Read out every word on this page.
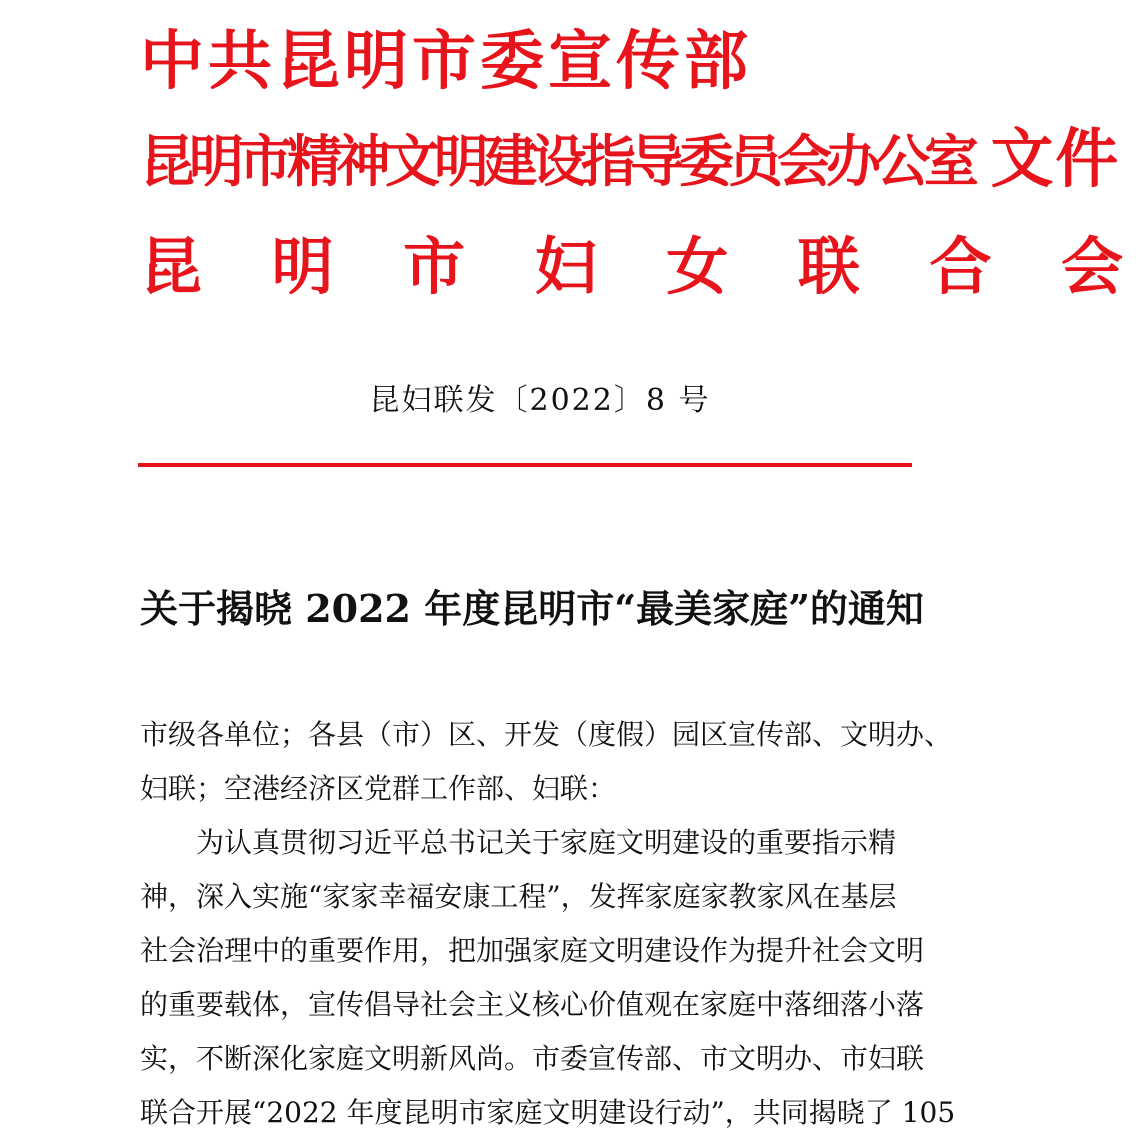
中共昆明市委宣传部
昆明市精神文明建设指导委员会办公室 文件
昆 明 市 妇 女 联 合 会
昆妇联发〔2022〕8 号
关于揭晓 2022 年度昆明市“最美家庭”的通知
市级各单位；各县（市）区、开发（度假）园区宣传部、文明办、
妇联；空港经济区党群工作部、妇联：
为认真贯彻习近平总书记关于家庭文明建设的重要指示精
神，深入实施“家家幸福安康工程”，发挥家庭家教家风在基层
社会治理中的重要作用，把加强家庭文明建设作为提升社会文明
的重要载体，宣传倡导社会主义核心价值观在家庭中落细落小落
实，不断深化家庭文明新风尚。市委宣传部、市文明办、市妇联
联合开展“2022 年度昆明市家庭文明建设行动”，共同揭晓了 105
